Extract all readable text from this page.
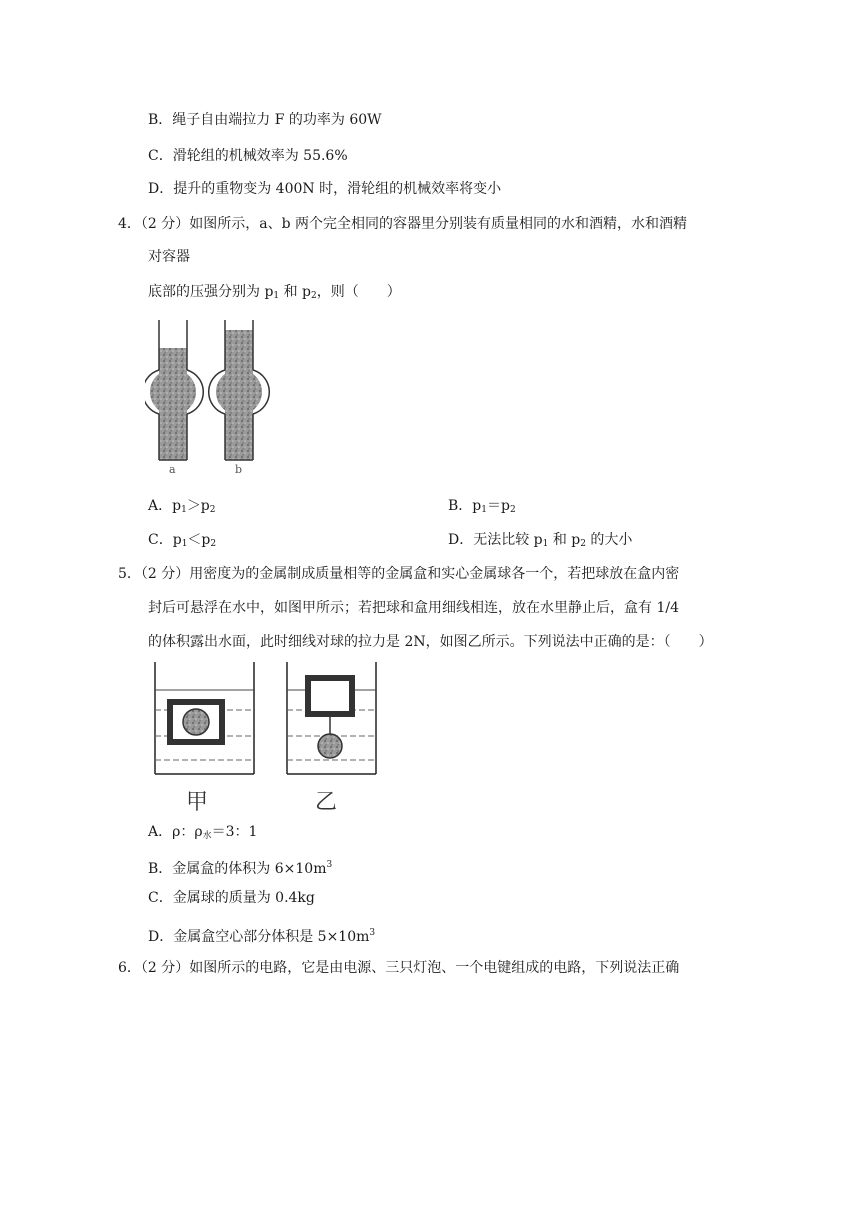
B．绳子自由端拉力 F 的功率为 60W
C．滑轮组的机械效率为 55.6%
D．提升的重物变为 400N 时，滑轮组的机械效率将变小
4．（2 分）如图所示，a、b 两个完全相同的容器里分别装有质量相同的水和酒精，水和酒精
对容器
底部的压强分别为 $p_1$ 和 $p_2$，则（　　）
a	b
A．$p_1>p_2$	B．$p_1=p_2$
C．$p_1<p_2$	D．无法比较 $p_1$ 和 $p_2$ 的大小
5．（2 分）用密度为的金属制成质量相等的金属盒和实心金属球各一个，若把球放在盒内密
封后可悬浮在水中，如图甲所示；若把球和盒用细线相连，放在水里静止后，盒有 1/4
的体积露出水面，此时细线对球的拉力是 2N，如图乙所示。下列说法中正确的是：（　　）
甲	乙
A．ρ：$\rho_水=3$：1
B．金属盒的体积为 $6\times 10m^3$
C．金属球的质量为 0.4kg
D．金属盒空心部分体积是 $5\times 10m^3$
6．（2 分）如图所示的电路，它是由电源、三只灯泡、一个电键组成的电路，下列说法正确
